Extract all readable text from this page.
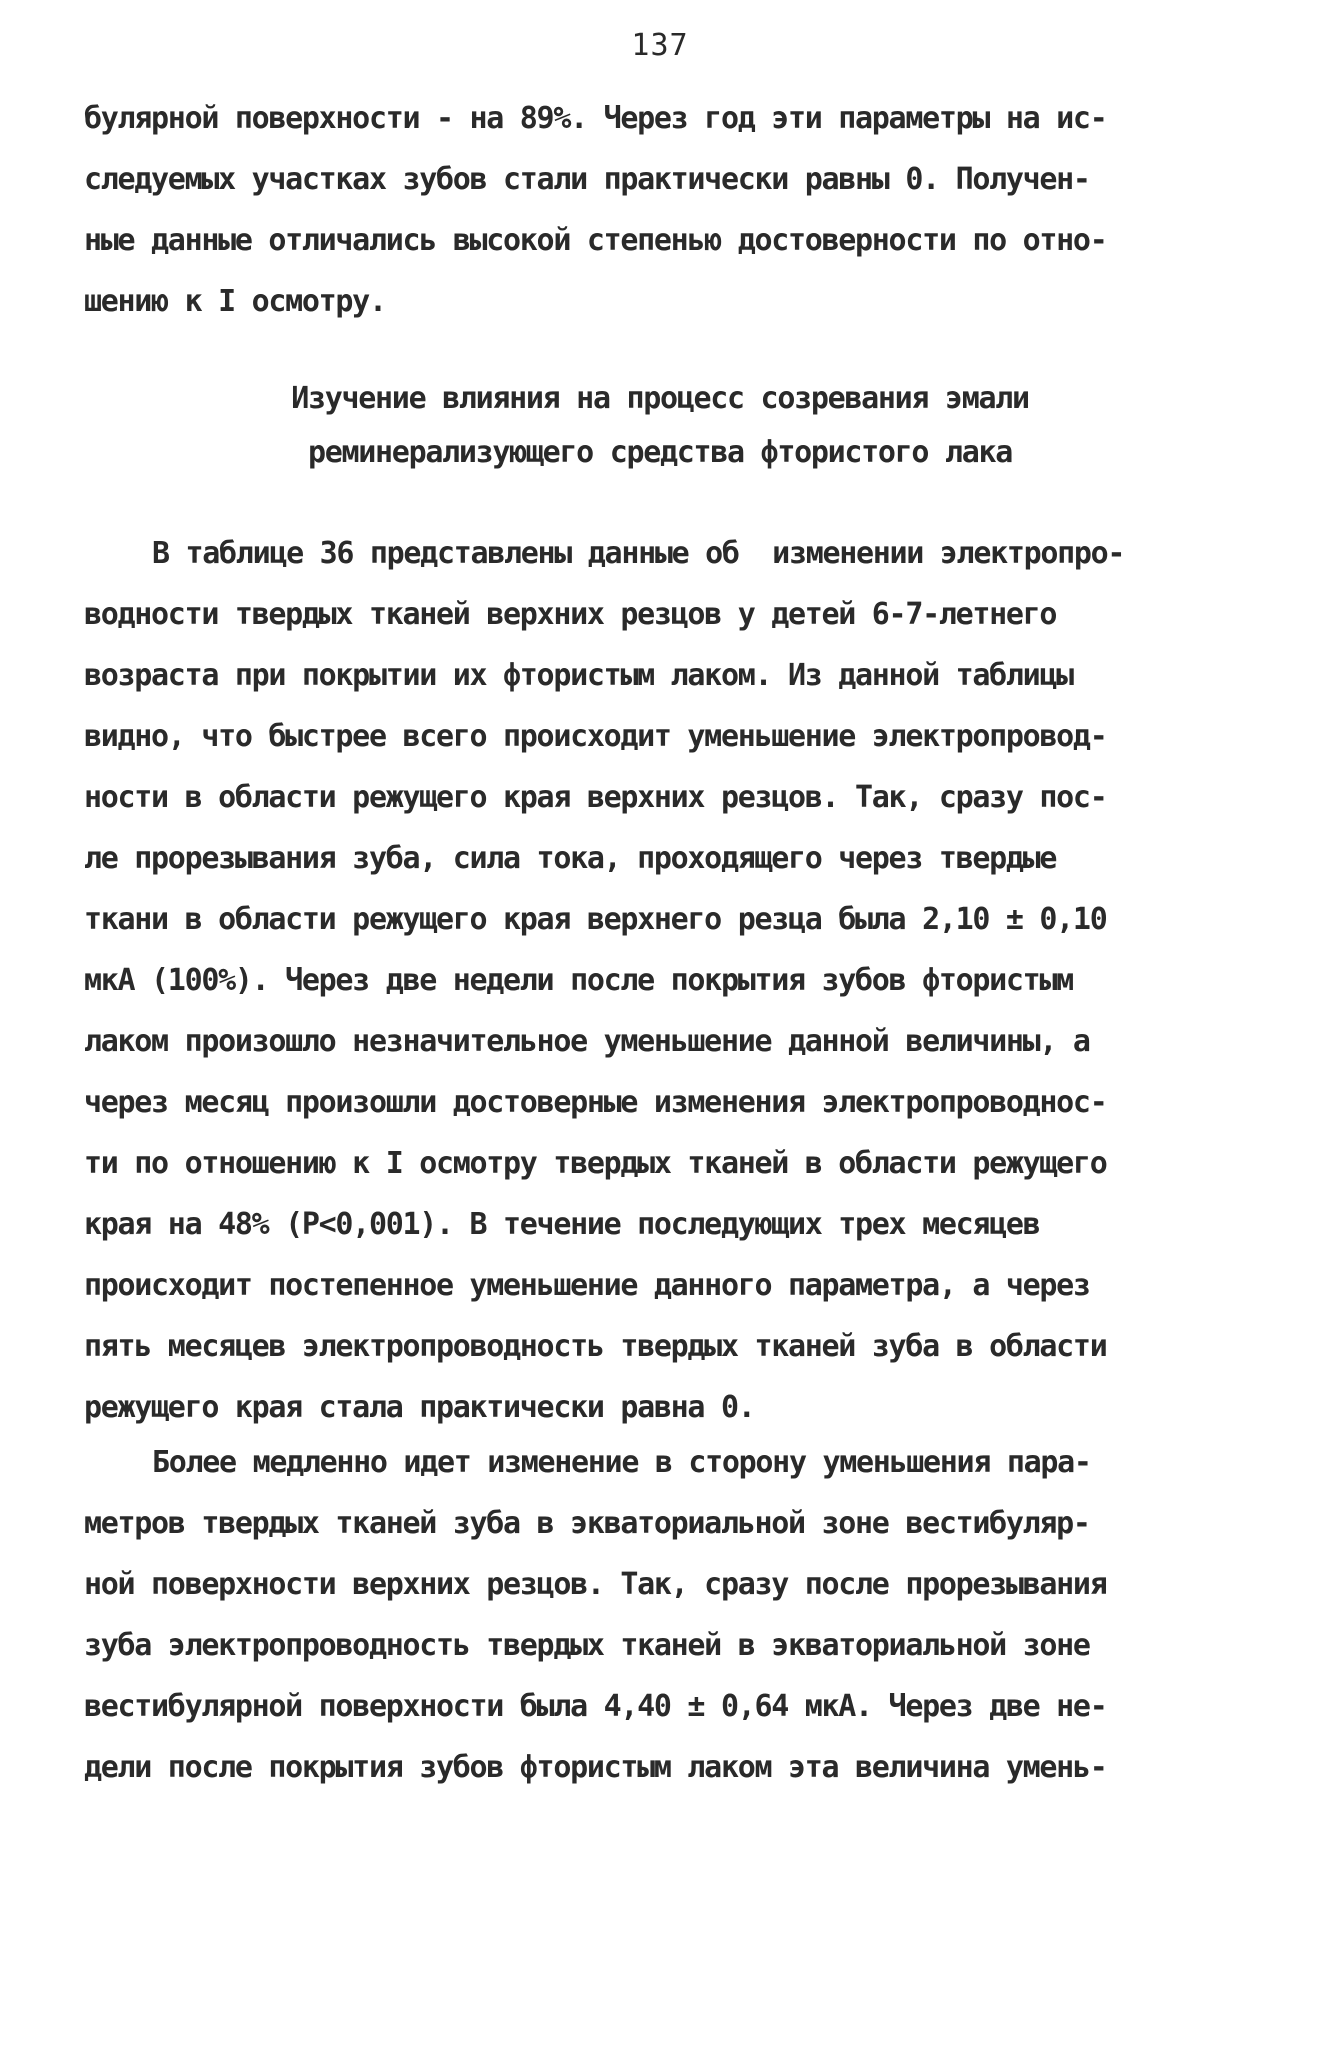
137
булярной поверхности - на 89%. Через год эти параметры на ис-
следуемых участках зубов стали практически равны 0. Получен-
ные данные отличались высокой степенью достоверности по отно-
шению к I осмотру.
Изучение влияния на процесс созревания эмали
реминерализующего средства фтористого лака
В таблице 36 представлены данные об  изменении электропро-
водности твердых тканей верхних резцов у детей 6-7-летнего
возраста при покрытии их фтористым лаком. Из данной таблицы
видно, что быстрее всего происходит уменьшение электропровод-
ности в области режущего края верхних резцов. Так, сразу пос-
ле прорезывания зуба, сила тока, проходящего через твердые
ткани в области режущего края верхнего резца была 2,10 ± 0,10
мкА (100%). Через две недели после покрытия зубов фтористым
лаком произошло незначительное уменьшение данной величины, а
через месяц произошли достоверные изменения электропроводнос-
ти по отношению к I осмотру твердых тканей в области режущего
края на 48% (P<0,001). В течение последующих трех месяцев
происходит постепенное уменьшение данного параметра, а через
пять месяцев электропроводность твердых тканей зуба в области
режущего края стала практически равна 0.
Более медленно идет изменение в сторону уменьшения пара-
метров твердых тканей зуба в экваториальной зоне вестибуляр-
ной поверхности верхних резцов. Так, сразу после прорезывания
зуба электропроводность твердых тканей в экваториальной зоне
вестибулярной поверхности была 4,40 ± 0,64 мкА. Через две не-
дели после покрытия зубов фтористым лаком эта величина умень-
